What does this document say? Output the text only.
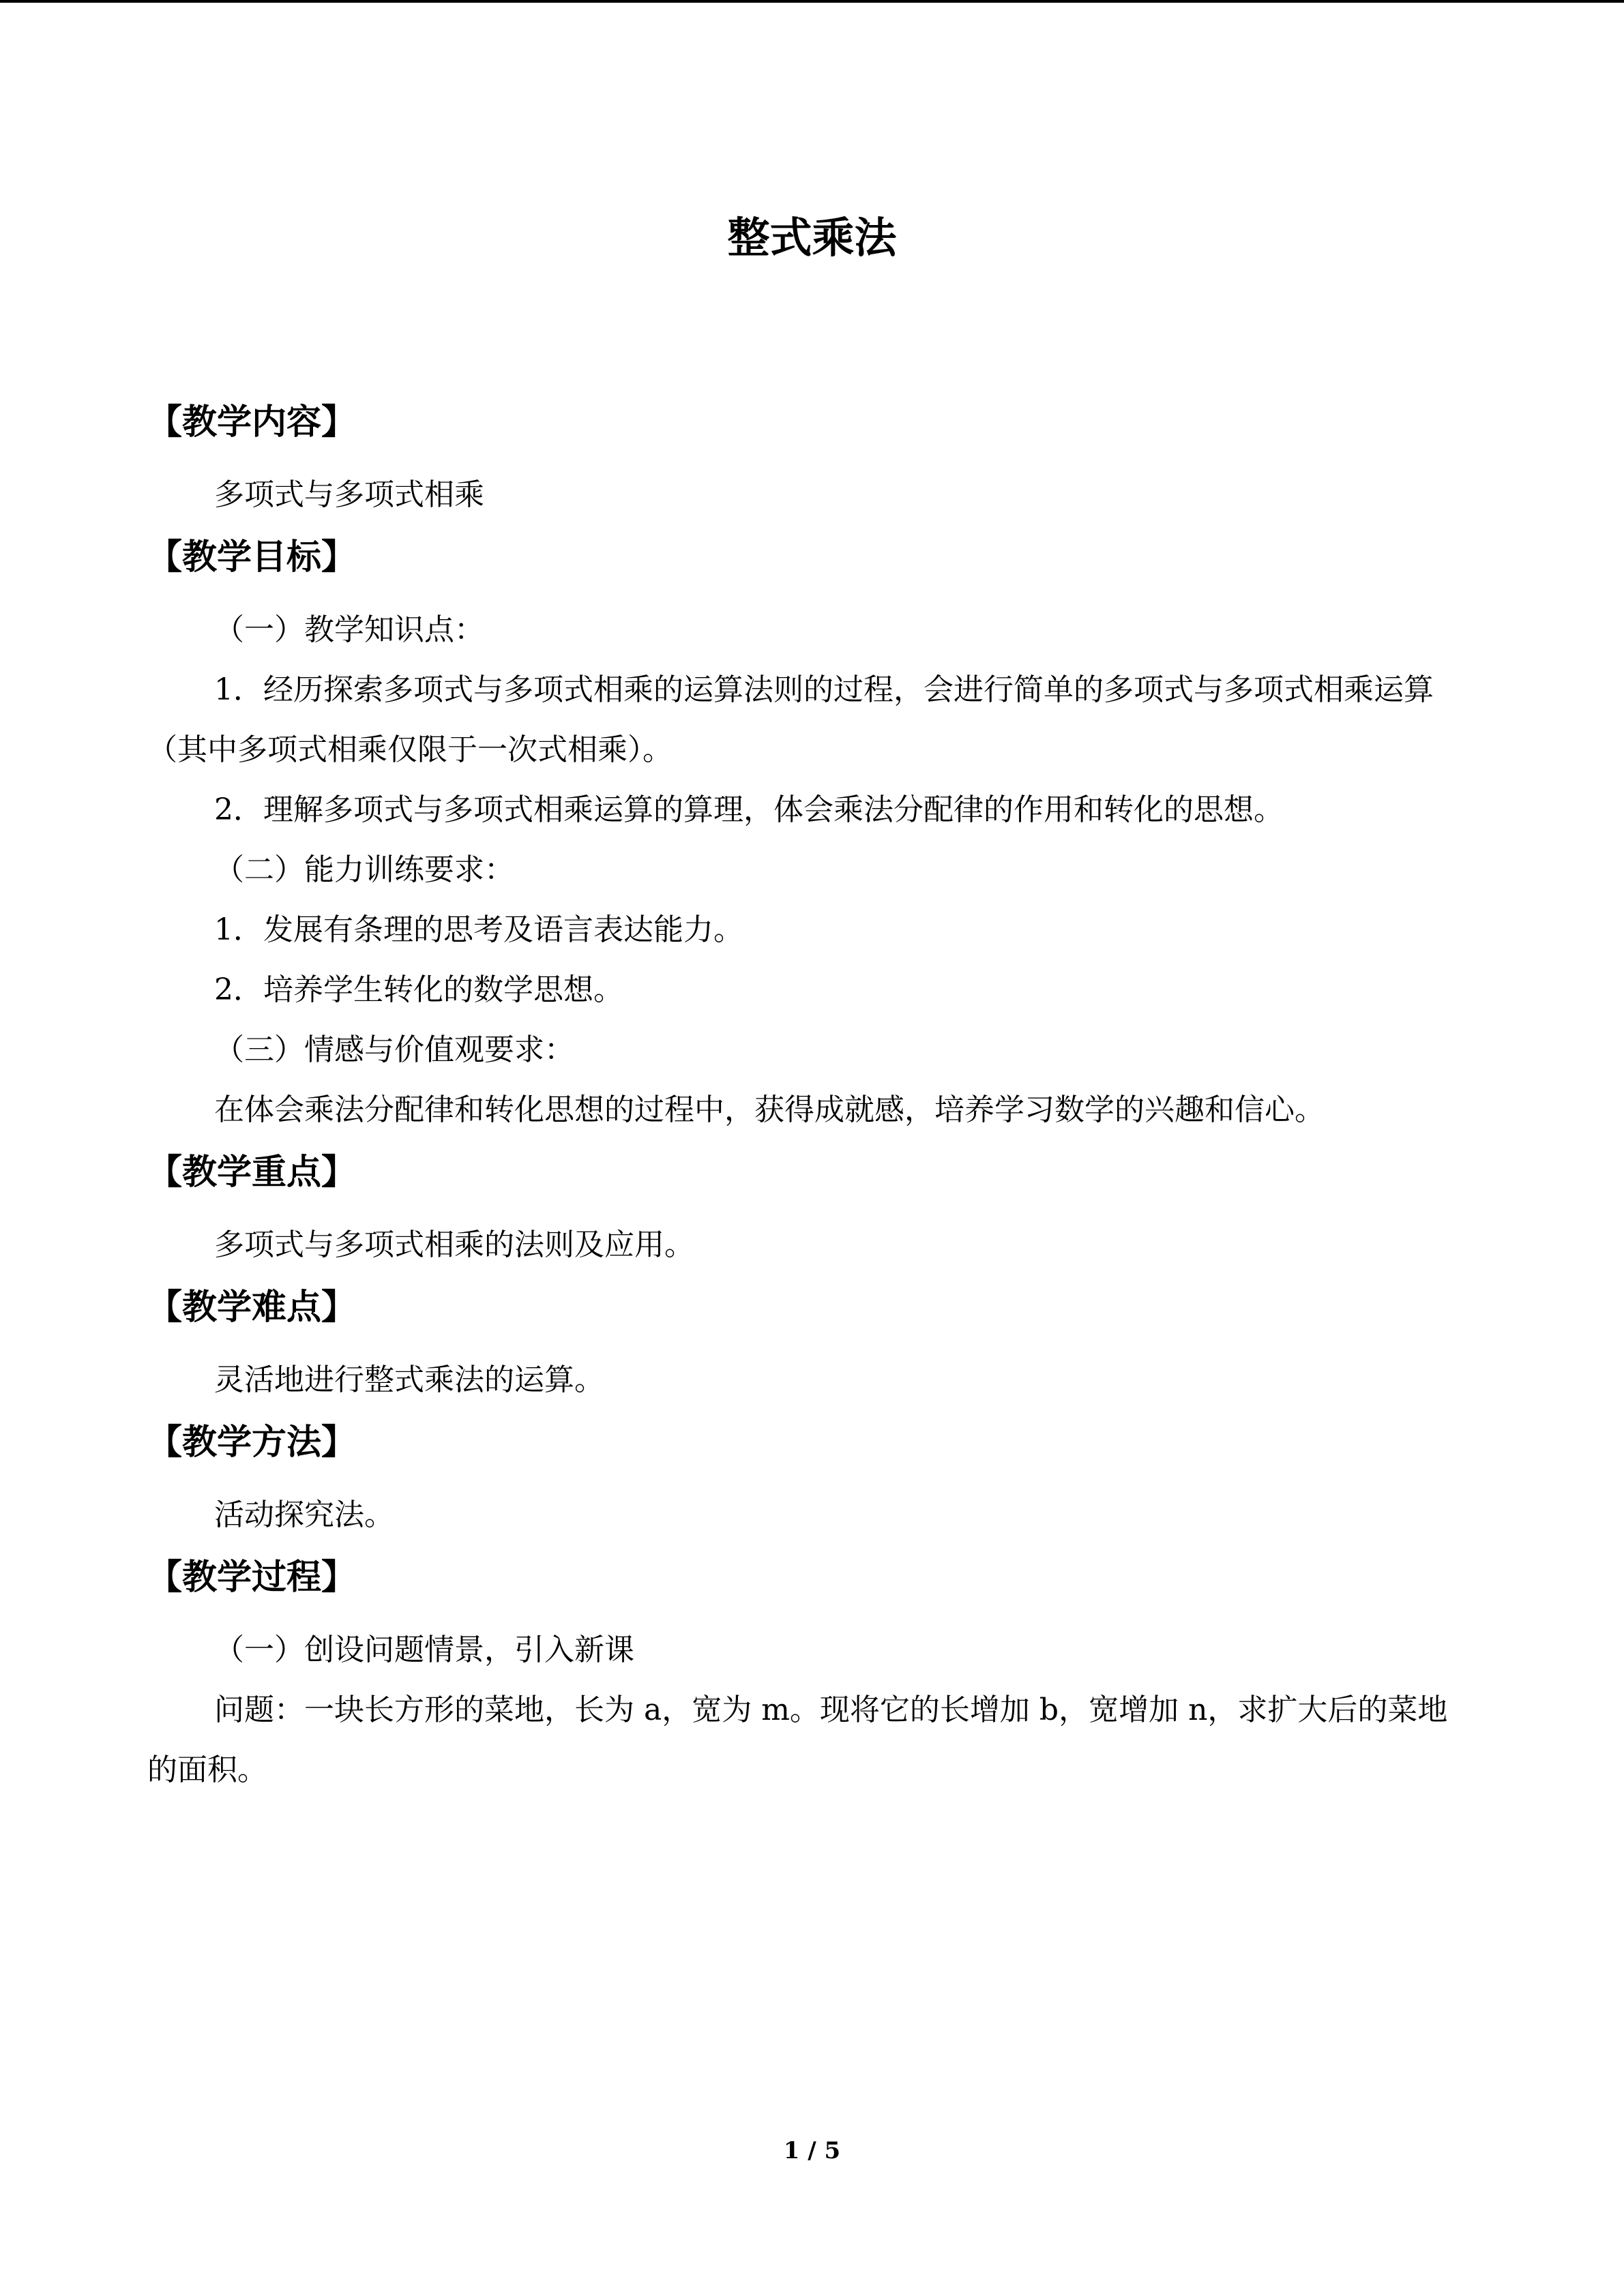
整式乘法

【教学内容】

多项式与多项式相乘

【教学目标】

（一）教学知识点：

1．经历探索多项式与多项式相乘的运算法则的过程，会进行简单的多项式与多项式相乘运算（其中多项式相乘仅限于一次式相乘）。

2．理解多项式与多项式相乘运算的算理，体会乘法分配律的作用和转化的思想。

（二）能力训练要求：

1．发展有条理的思考及语言表达能力。

2．培养学生转化的数学思想。

（三）情感与价值观要求：

在体会乘法分配律和转化思想的过程中，获得成就感，培养学习数学的兴趣和信心。

【教学重点】

多项式与多项式相乘的法则及应用。

【教学难点】

灵活地进行整式乘法的运算。

【教学方法】

活动探究法。

【教学过程】

（一）创设问题情景，引入新课

问题：一块长方形的菜地，长为 a，宽为 m。现将它的长增加 b，宽增加 n，求扩大后的菜地的面积。

1 / 5
